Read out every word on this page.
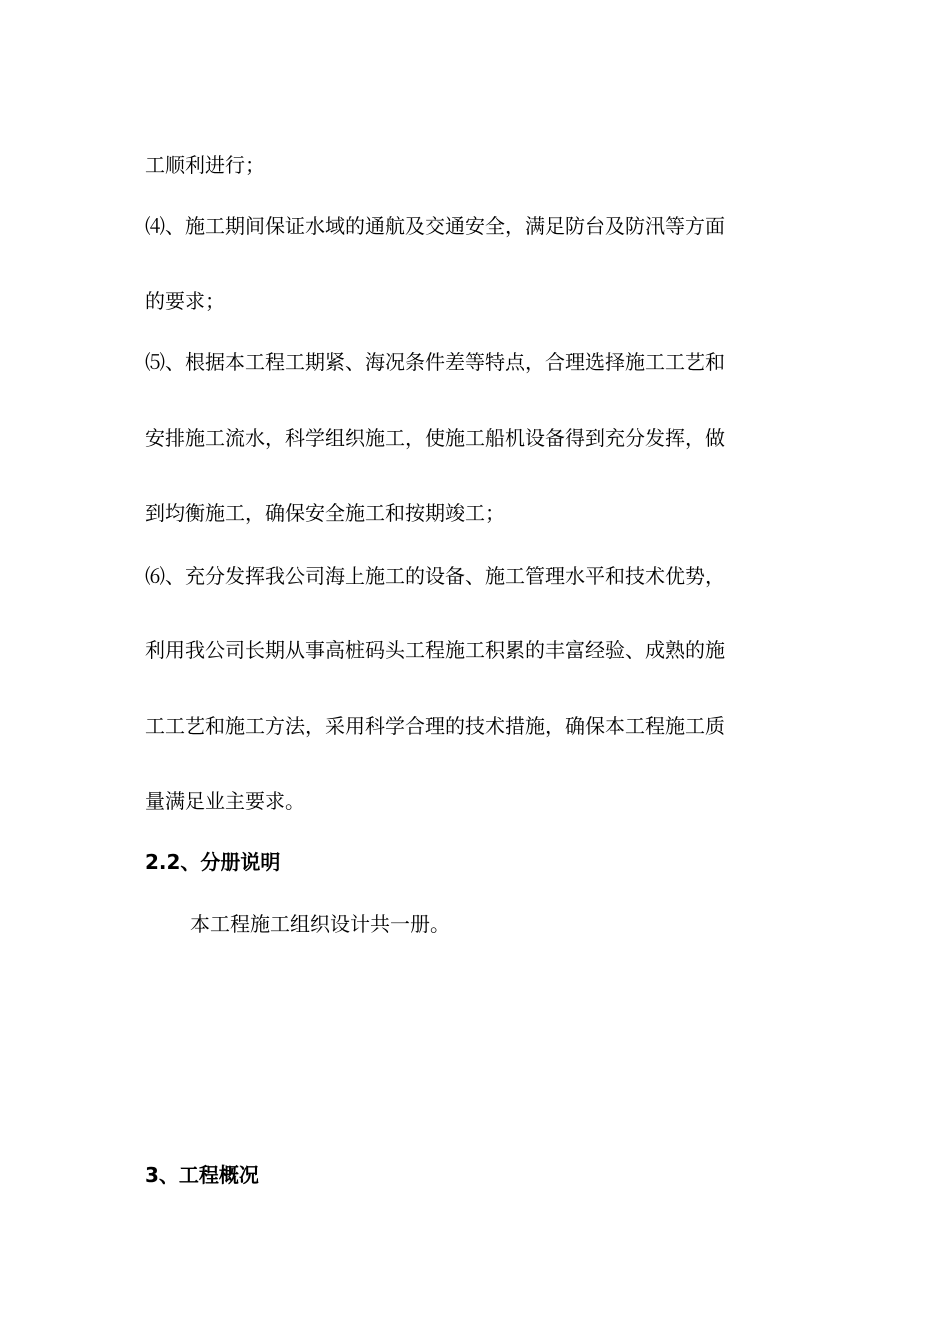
工顺利进行；
⑷、施工期间保证水域的通航及交通安全，满足防台及防汛等方面
的要求；
⑸、根据本工程工期紧、海况条件差等特点，合理选择施工工艺和
安排施工流水，科学组织施工，使施工船机设备得到充分发挥，做
到均衡施工，确保安全施工和按期竣工；
⑹、充分发挥我公司海上施工的设备、施工管理水平和技术优势，
利用我公司长期从事高桩码头工程施工积累的丰富经验、成熟的施
工工艺和施工方法，采用科学合理的技术措施，确保本工程施工质
量满足业主要求。
2.2、分册说明
本工程施工组织设计共一册。
3、工程概况
